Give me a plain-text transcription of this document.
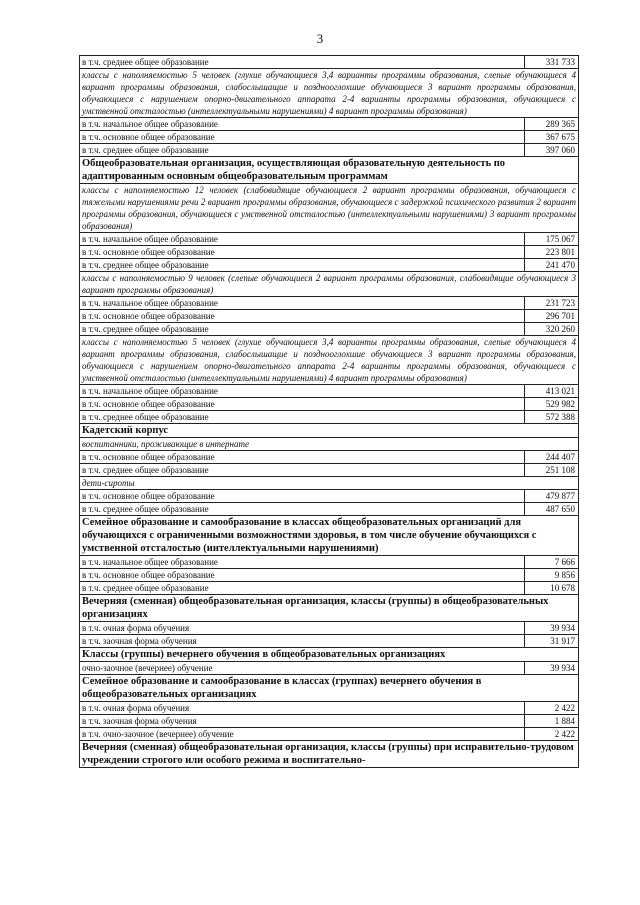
3
в т.ч. среднее общее образование	331 733
классы с наполняемостью 5 человек (глухие обучающиеся 3,4 варианты программы образования, слепые обучающиеся 4 вариант программы образования, слабослышащие и позднооглохшие обучающиеся 3 вариант программы образования, обучающиеся с нарушением опорно-двигательного аппарата 2-4 варианты программы образования, обучающиеся с умственной отсталостью (интеллектуальными нарушениями) 4 вариант программы образования)	
в т.ч. начальное общее образование	289 365
в т.ч. основное общее образование	367 675
в т.ч. среднее общее образование	397 060
Общеобразовательная организация, осуществляющая образовательную деятельность по адаптированным основным общеобразовательным программам	
классы с наполняемостью 12 человек (слабовидящие обучающиеся 2 вариант программы образования, обучающиеся с тяжелыми нарушениями речи 2 вариант программы образования, обучающиеся с задержкой психического развития 2 вариант программы образования, обучающиеся с умственной отсталостью (интеллектуальными нарушениями) 3 вариант программы образования)	
в т.ч. начальное общее образование	175 067
в т.ч. основное общее образование	223 801
в т.ч. среднее общее образование	241 470
классы с наполняемостью 9 человек (слепые обучающиеся 2 вариант программы образования, слабовидящие обучающиеся 3 вариант программы образования)	
в т.ч. начальное общее образование	231 723
в т.ч. основное общее образование	296 701
в т.ч. среднее общее образование	320 260
классы с наполняемостью 5 человек (глухие обучающиеся 3,4 варианты программы образования, слепые обучающиеся 4 вариант программы образования, слабослышащие и позднооглохшие обучающиеся 3 вариант программы образования, обучающиеся с нарушением опорно-двигательного аппарата 2-4 варианты программы образования, обучающиеся с умственной отсталостью (интеллектуальными нарушениями) 4 вариант программы образования)	
в т.ч. начальное общее образование	413 021
в т.ч. основное общее образование	529 982
в т.ч. среднее общее образование	572 388
Кадетский корпус	
воспитанники, проживающие в интернате	
в т.ч. основное общее образование	244 407
в т.ч. среднее общее образование	251 108
дети-сироты	
в т.ч. основное общее образование	479 877
в т.ч. среднее общее образование	487 650
Семейное образование и самообразование в классах общеобразовательных организаций для обучающихся с ограниченными возможностями здоровья, в том числе обучение обучающихся с умственной отсталостью (интеллектуальными нарушениями)	
в т.ч. начальное общее образование	7 666
в т.ч. основное общее образование	9 856
в т.ч. среднее общее образование	10 678
Вечерняя (сменная) общеобразовательная организация, классы (группы) в общеобразовательных организациях	
в т.ч. очная форма обучения	39 934
в т.ч. заочная форма обучения	31 917
Классы (группы) вечернего обучения в общеобразовательных организациях	
очно-заочное (вечернее) обучение	39 934
Семейное образование и самообразование в классах (группах) вечернего обучения в общеобразовательных организациях	
в т.ч. очная форма обучения	2 422
в т.ч. заочная форма обучения	1 884
в т.ч. очно-заочное (вечернее) обучение	2 422
Вечерняя (сменная) общеобразовательная организация, классы (группы) при исправительно-трудовом учреждении строгого или особого режима и воспитательно-	
